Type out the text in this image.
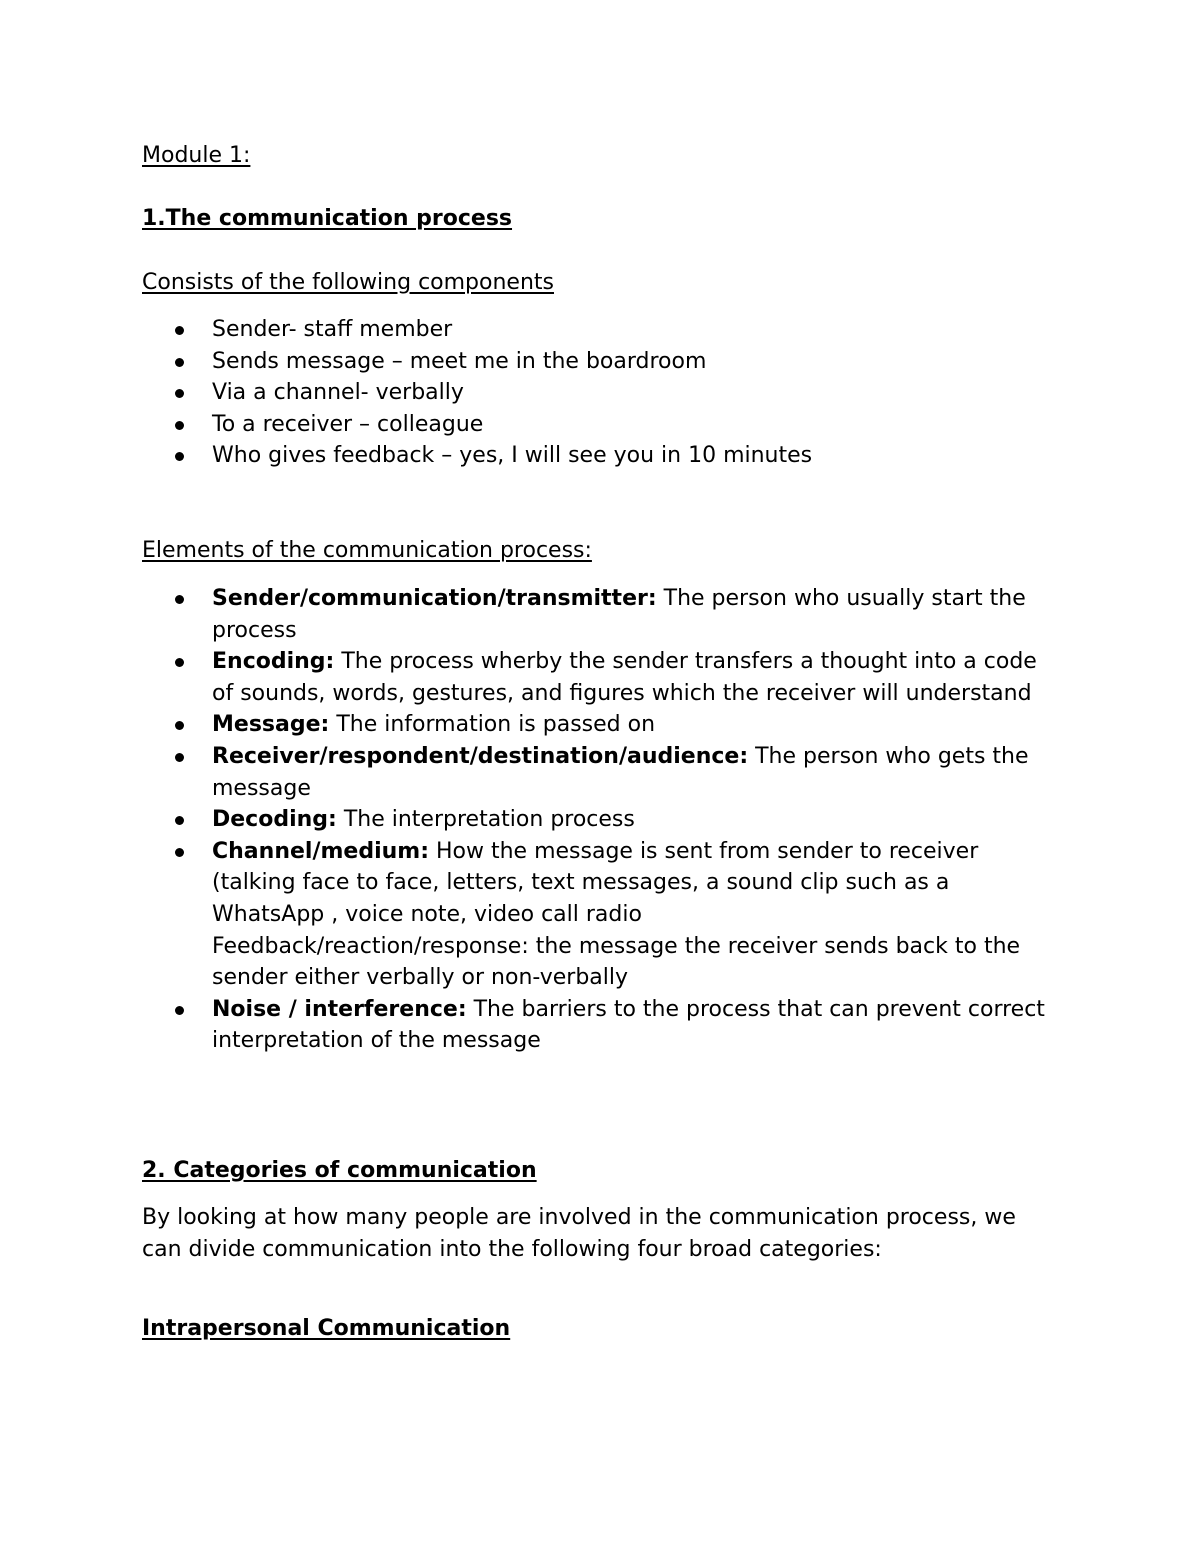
Module 1:
1.The communication process
Consists of the following components
Sender- staff member
Sends message – meet me in the boardroom
Via a channel- verbally
To a receiver – colleague
Who gives feedback – yes, I will see you in 10 minutes
Elements of the communication process:
Sender/communication/transmitter: The person who usually start the process
Encoding: The process wherby the sender transfers a thought into a code of sounds, words, gestures, and figures which the receiver will understand
Message: The information is passed on
Receiver/respondent/destination/audience: The person who gets the message
Decoding: The interpretation process
Channel/medium: How the message is sent from sender to receiver (talking face to face, letters, text messages, a sound clip such as a WhatsApp , voice note, video call radio
Feedback/reaction/response: the message the receiver sends back to the sender either verbally or non-verbally
Noise / interference: The barriers to the process that can prevent correct interpretation of the message
2. Categories of communication
By looking at how many people are involved in the communication process, we can divide communication into the following four broad categories:
Intrapersonal Communication
